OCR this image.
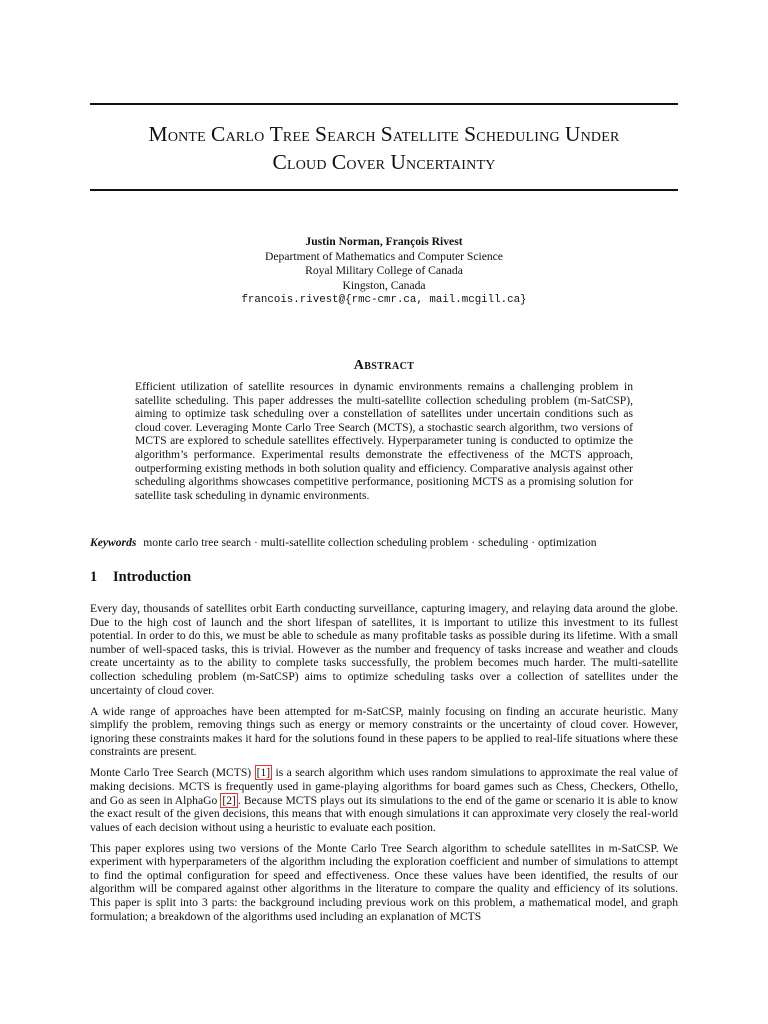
Monte Carlo Tree Search Satellite Scheduling Under
Cloud Cover Uncertainty
Justin Norman, François Rivest
Department of Mathematics and Computer Science
Royal Military College of Canada
Kingston, Canada
francois.rivest@{rmc-cmr.ca, mail.mcgill.ca}
Abstract
Efficient utilization of satellite resources in dynamic environments remains a challenging problem in satellite scheduling. This paper addresses the multi-satellite collection scheduling problem (m-SatCSP), aiming to optimize task scheduling over a constellation of satellites under uncertain conditions such as cloud cover. Leveraging Monte Carlo Tree Search (MCTS), a stochastic search algorithm, two versions of MCTS are explored to schedule satellites effectively. Hyperparameter tuning is conducted to optimize the algorithm’s performance. Experimental results demonstrate the effectiveness of the MCTS approach, outperforming existing methods in both solution quality and efficiency. Comparative analysis against other scheduling algorithms showcases competitive performance, positioning MCTS as a promising solution for satellite task scheduling in dynamic environments.
Keywords monte carlo tree search · multi-satellite collection scheduling problem · scheduling · optimization
1 Introduction

Every day, thousands of satellites orbit Earth conducting surveillance, capturing imagery, and relaying data around the globe. Due to the high cost of launch and the short lifespan of satellites, it is important to utilize this investment to its fullest potential. In order to do this, we must be able to schedule as many profitable tasks as possible during its lifetime. With a small number of well-spaced tasks, this is trivial. However as the number and frequency of tasks increase and weather and clouds create uncertainty as to the ability to complete tasks successfully, the problem becomes much harder. The multi-satellite collection scheduling problem (m-SatCSP) aims to optimize scheduling tasks over a collection of satellites under the uncertainty of cloud cover.

A wide range of approaches have been attempted for m-SatCSP, mainly focusing on finding an accurate heuristic. Many simplify the problem, removing things such as energy or memory constraints or the uncertainty of cloud cover. However, ignoring these constraints makes it hard for the solutions found in these papers to be applied to real-life situations where these constraints are present.

Monte Carlo Tree Search (MCTS) [1] is a search algorithm which uses random simulations to approximate the real value of making decisions. MCTS is frequently used in game-playing algorithms for board games such as Chess, Checkers, Othello, and Go as seen in AlphaGo [2] . Because MCTS plays out its simulations to the end of the game or scenario it is able to know the exact result of the given decisions, this means that with enough simulations it can approximate very closely the real-world values of each decision without using a heuristic to evaluate each position.

This paper explores using two versions of the Monte Carlo Tree Search algorithm to schedule satellites in m-SatCSP. We experiment with hyperparameters of the algorithm including the exploration coefficient and number of simulations to attempt to find the optimal configuration for speed and effectiveness. Once these values have been identified, the results of our algorithm will be compared against other algorithms in the literature to compare the quality and efficiency of its solutions. This paper is split into 3 parts: the background including previous work on this problem, a mathematical model, and graph formulation; a breakdown of the algorithms used including an explanation of MCTS
